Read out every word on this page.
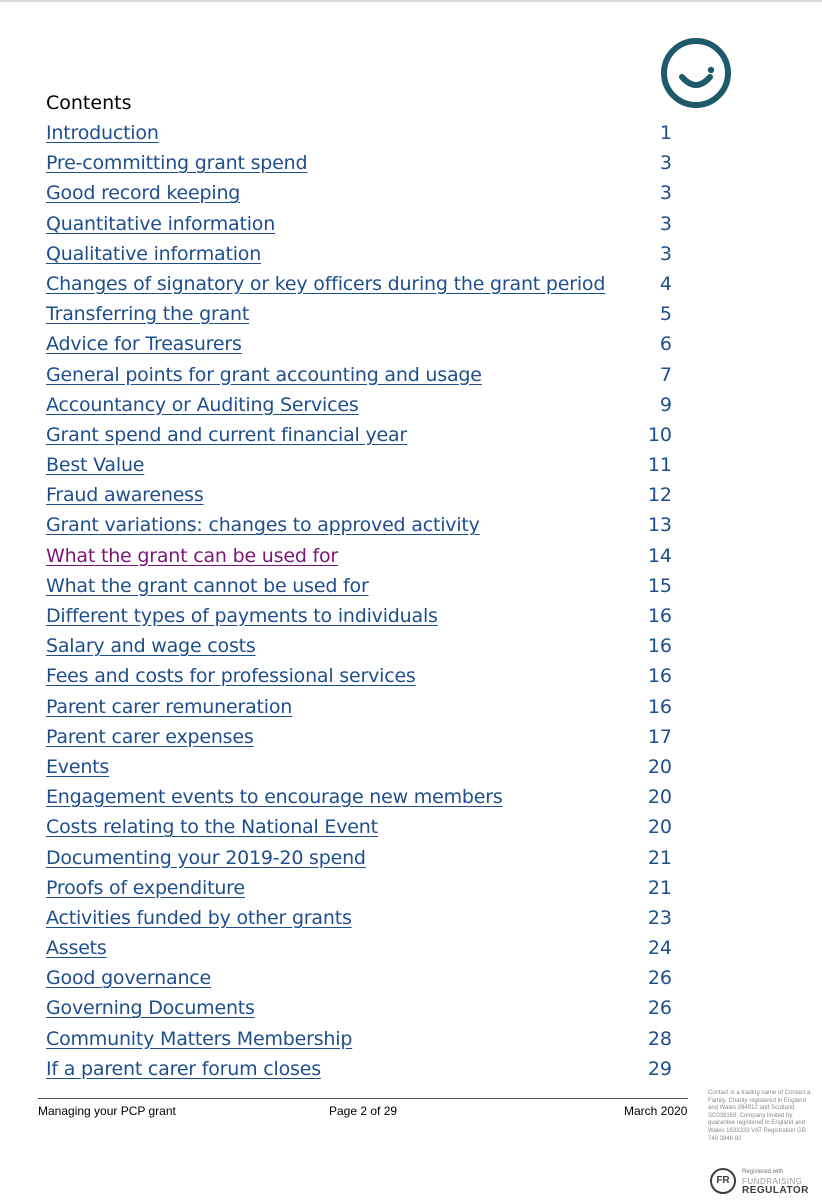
Contents
Introduction	1
Pre-committing grant spend	3
Good record keeping	3
Quantitative information	3
Qualitative information	3
Changes of signatory or key officers during the grant period	4
Transferring the grant	5
Advice for Treasurers	6
General points for grant accounting and usage	7
Accountancy or Auditing Services	9
Grant spend and current financial year	10
Best Value	11
Fraud awareness	12
Grant variations: changes to approved activity	13
What the grant can be used for	14
What the grant cannot be used for	15
Different types of payments to individuals	16
Salary and wage costs	16
Fees and costs for professional services	16
Parent carer remuneration	16
Parent carer expenses	17
Events	20
Engagement events to encourage new members	20
Costs relating to the National Event	20
Documenting your 2019-20 spend	21
Proofs of expenditure	21
Activities funded by other grants	23
Assets	24
Good governance	26
Governing Documents	26
Community Matters Membership	28
If a parent carer forum closes	29
Managing your PCP grant	Page 2 of 29	March 2020
Contact is a trading name of Contact a Family. Charity registered in England and Wales 284912 and Scotland SC039169. Company limited by guarantee registered in England and Wales 1633333 VAT Registration GB 749 3846 82
FR
Registered with
FUNDRAISING
REGULATOR
